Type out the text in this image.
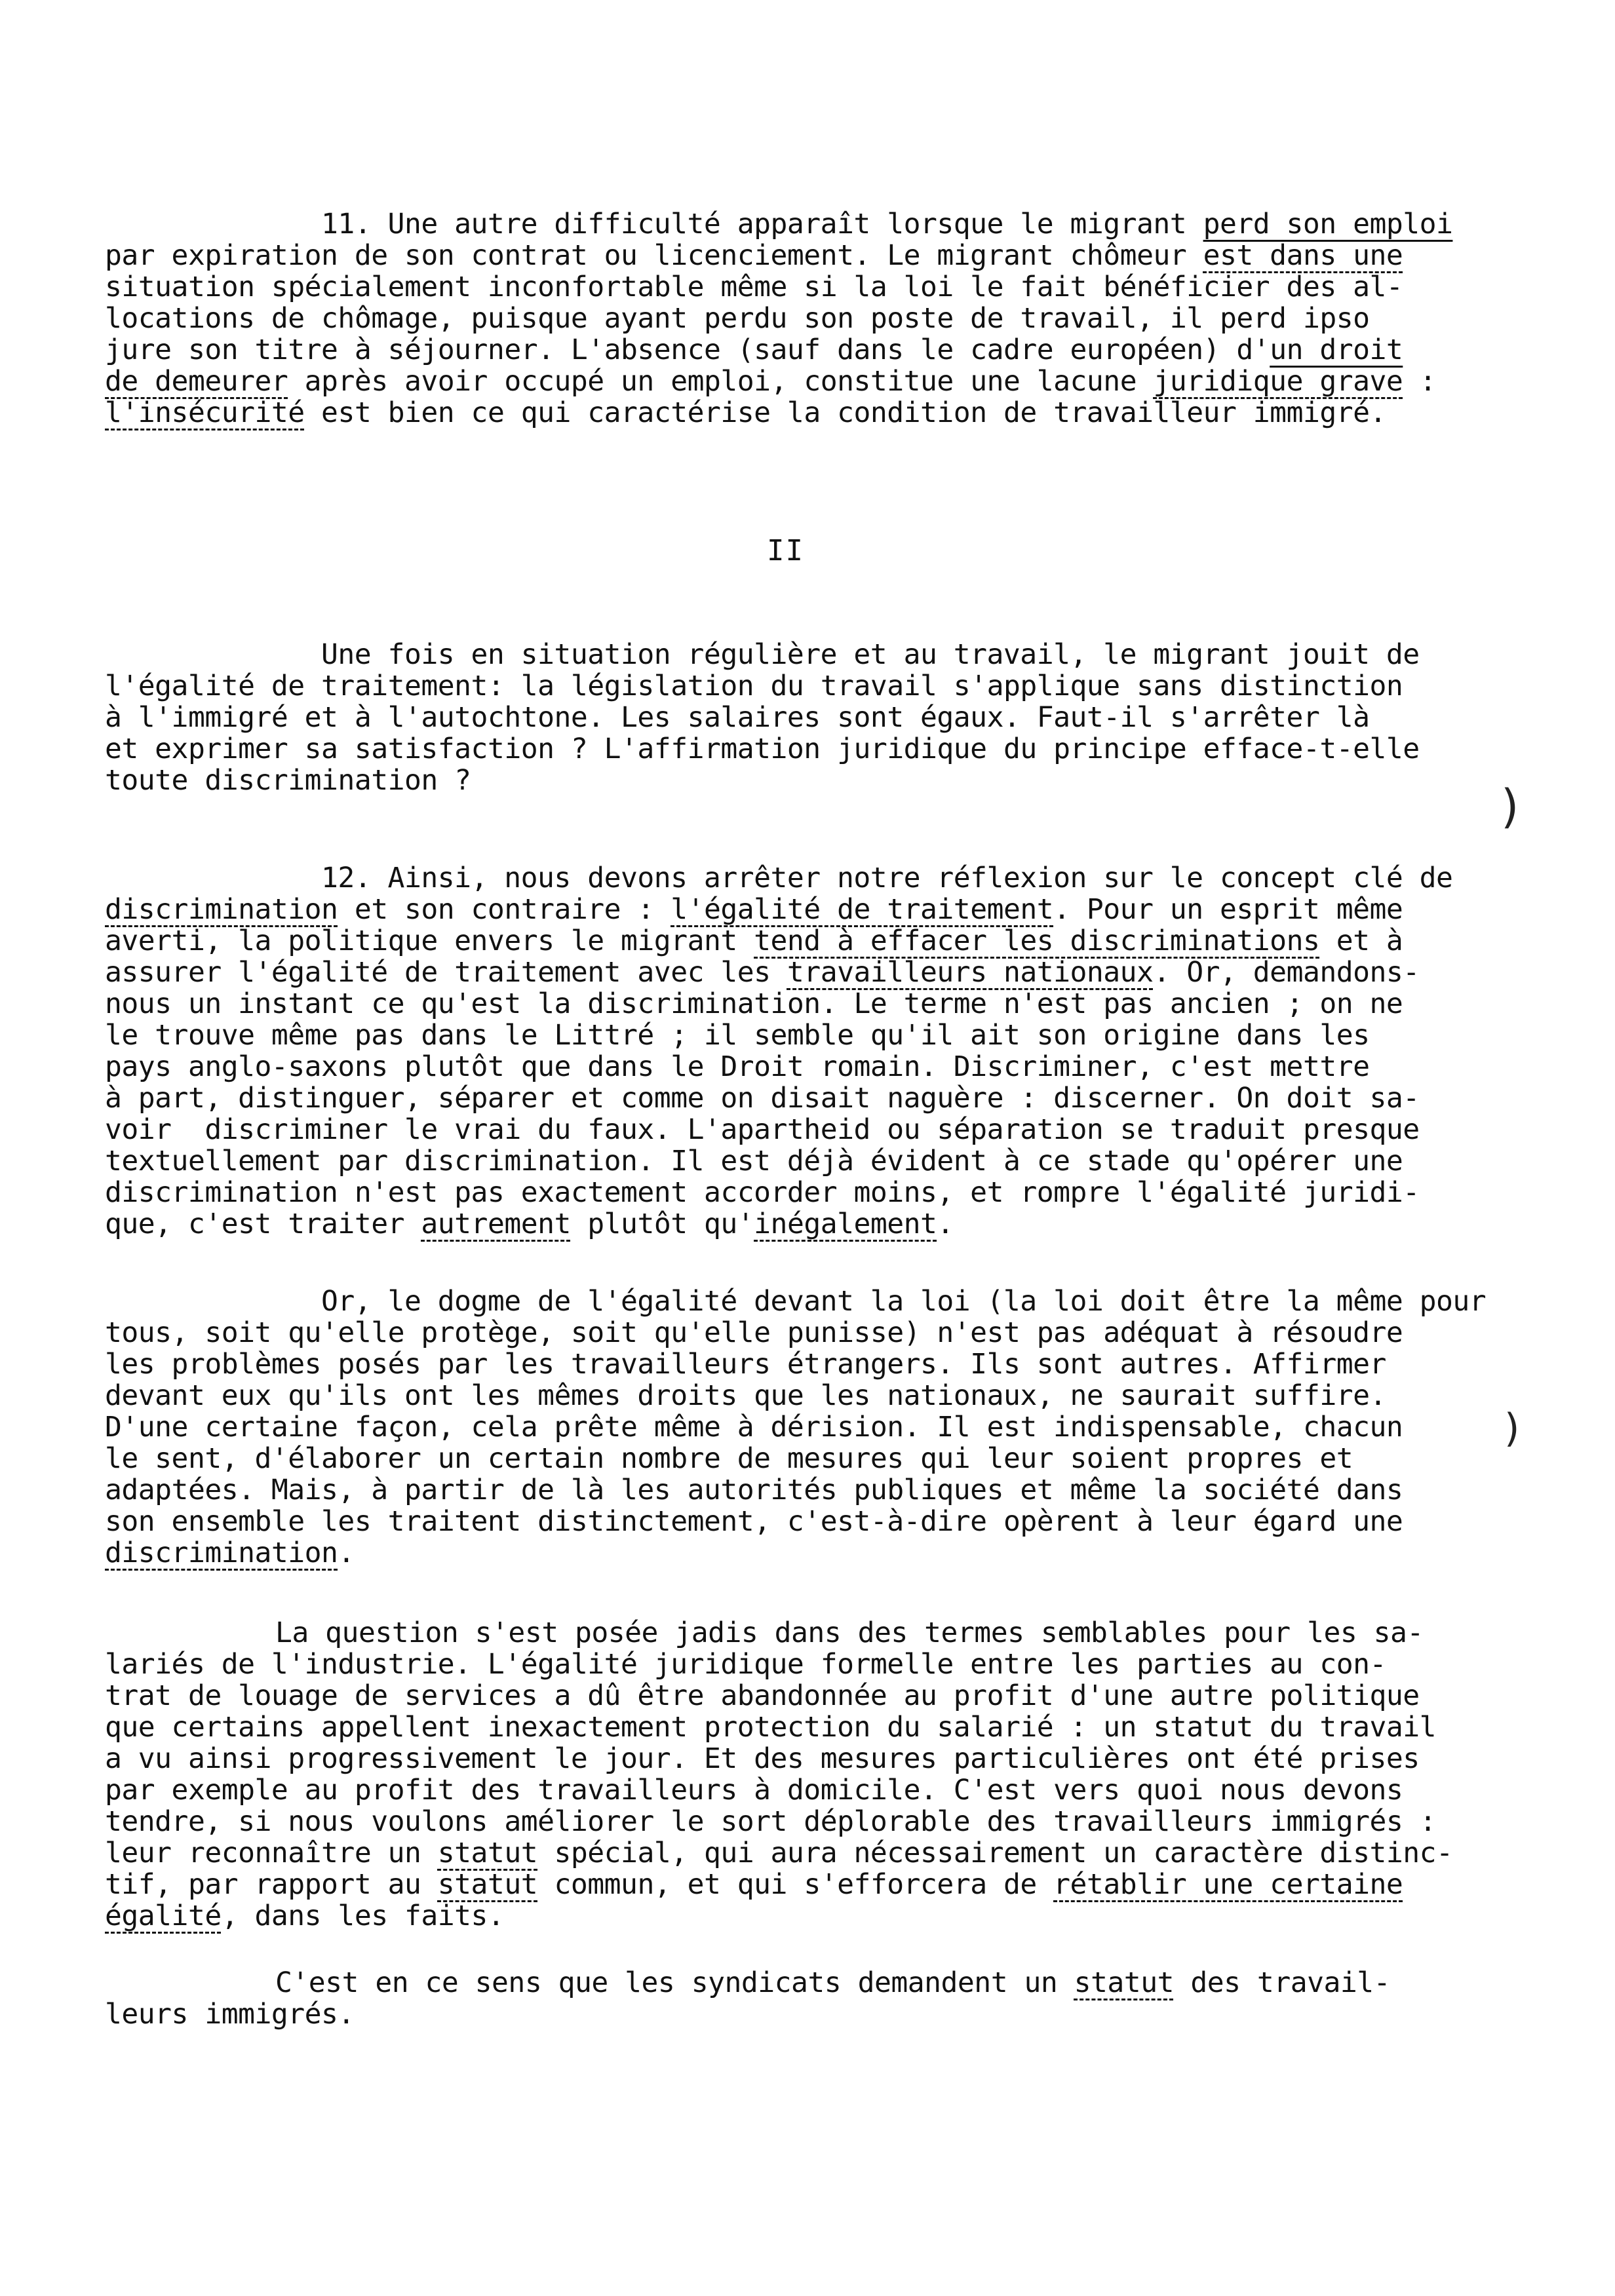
11. Une autre difficulté apparaît lorsque le migrant perd son emploi
par expiration de son contrat ou licenciement. Le migrant chômeur est dans une
situation spécialement inconfortable même si la loi le fait bénéficier des al-
locations de chômage, puisque ayant perdu son poste de travail, il perd ipso
jure son titre à séjourner. L'absence (sauf dans le cadre européen) d'un droit
de demeurer après avoir occupé un emploi, constitue une lacune juridique grave :
l'insécurité est bien ce qui caractérise la condition de travailleur immigré.
II
Une fois en situation régulière et au travail, le migrant jouit de
l'égalité de traitement: la législation du travail s'applique sans distinction
à l'immigré et à l'autochtone. Les salaires sont égaux. Faut-il s'arrêter là
et exprimer sa satisfaction ? L'affirmation juridique du principe efface-t-elle
toute discrimination ?
12. Ainsi, nous devons arrêter notre réflexion sur le concept clé de
discrimination et son contraire : l'égalité de traitement. Pour un esprit même
averti, la politique envers le migrant tend à effacer les discriminations et à
assurer l'égalité de traitement avec les travailleurs nationaux. Or, demandons-
nous un instant ce qu'est la discrimination. Le terme n'est pas ancien ; on ne
le trouve même pas dans le Littré ; il semble qu'il ait son origine dans les
pays anglo-saxons plutôt que dans le Droit romain. Discriminer, c'est mettre
à part, distinguer, séparer et comme on disait naguère : discerner. On doit sa-
voir  discriminer le vrai du faux. L'apartheid ou séparation se traduit presque
textuellement par discrimination. Il est déjà évident à ce stade qu'opérer une
discrimination n'est pas exactement accorder moins, et rompre l'égalité juridi-
que, c'est traiter autrement plutôt qu'inégalement.
Or, le dogme de l'égalité devant la loi (la loi doit être la même pour
tous, soit qu'elle protège, soit qu'elle punisse) n'est pas adéquat à résoudre
les problèmes posés par les travailleurs étrangers. Ils sont autres. Affirmer
devant eux qu'ils ont les mêmes droits que les nationaux, ne saurait suffire.
D'une certaine façon, cela prête même à dérision. Il est indispensable, chacun
le sent, d'élaborer un certain nombre de mesures qui leur soient propres et
adaptées. Mais, à partir de là les autorités publiques et même la société dans
son ensemble les traitent distinctement, c'est-à-dire opèrent à leur égard une
discrimination.
La question s'est posée jadis dans des termes semblables pour les sa-
lariés de l'industrie. L'égalité juridique formelle entre les parties au con-
trat de louage de services a dû être abandonnée au profit d'une autre politique
que certains appellent inexactement protection du salarié : un statut du travail
a vu ainsi progressivement le jour. Et des mesures particulières ont été prises
par exemple au profit des travailleurs à domicile. C'est vers quoi nous devons
tendre, si nous voulons améliorer le sort déplorable des travailleurs immigrés :
leur reconnaître un statut spécial, qui aura nécessairement un caractère distinc-
tif, par rapport au statut commun, et qui s'efforcera de rétablir une certaine
égalité, dans les faits.
C'est en ce sens que les syndicats demandent un statut des travail-
leurs immigrés.
)
)
